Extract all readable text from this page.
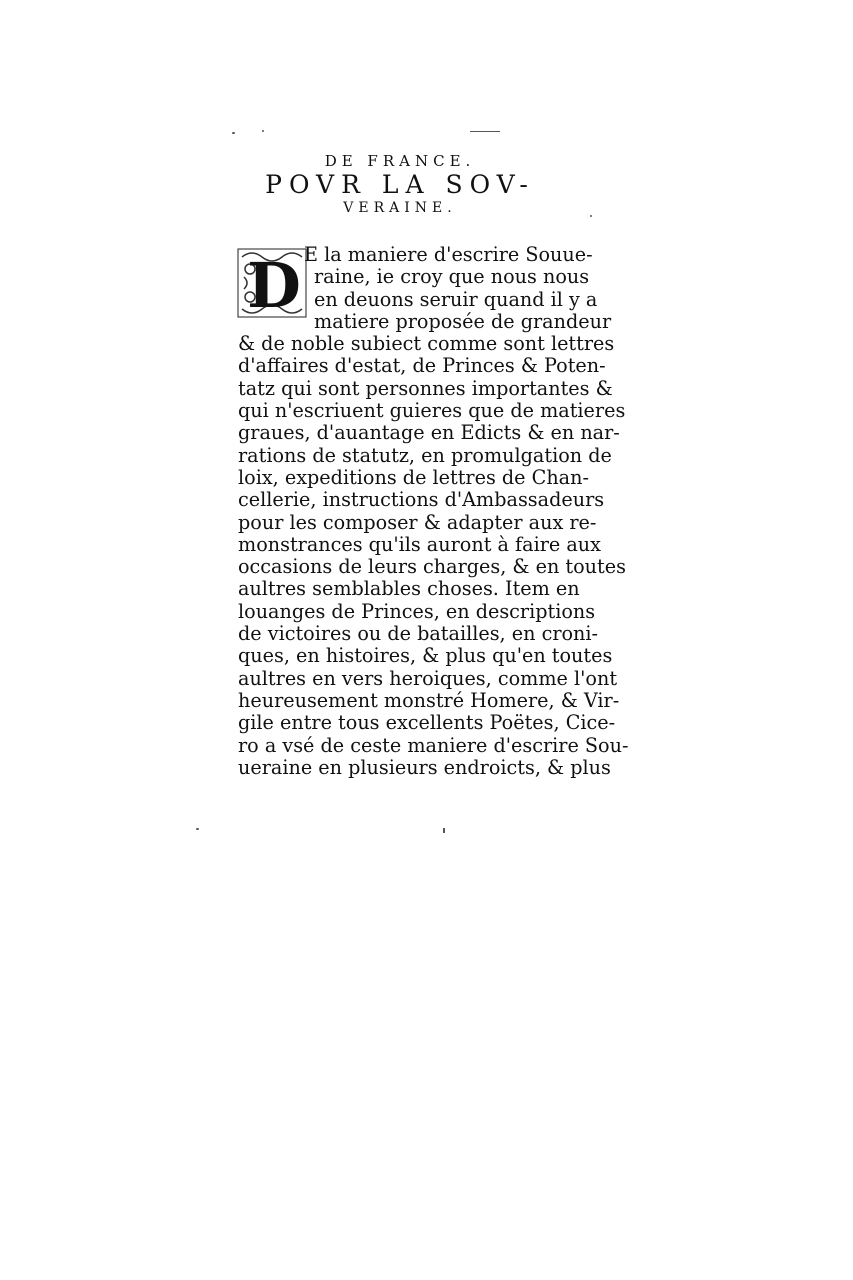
DE FRANCE.
POVR LA SOV-
VERAINE.
D E la maniere d'escrire Souue-
raine, ie croy que nous nous
en deuons seruir quand il y a
matiere proposée de grandeur
& de noble subiect comme sont lettres
d'affaires d'estat, de Princes & Poten-
tatz qui sont personnes importantes &
qui n'escriuent guieres que de matieres
graues, d'auantage en Edicts & en nar-
rations de statutz, en promulgation de
loix, expeditions de lettres de Chan-
cellerie, instructions d'Ambassadeurs
pour les composer & adapter aux re-
monstrances qu'ils auront à faire aux
occasions de leurs charges, & en toutes
aultres semblables choses. Item en
louanges de Princes, en descriptions
de victoires ou de batailles, en croni-
ques, en histoires, & plus qu'en toutes
aultres en vers heroiques, comme l'ont
heureusement monstré Homere, & Vir-
gile entre tous excellents Poëtes, Cice-
ro a vsé de ceste maniere d'escrire Sou-
ueraine en plusieurs endroicts, & plus
